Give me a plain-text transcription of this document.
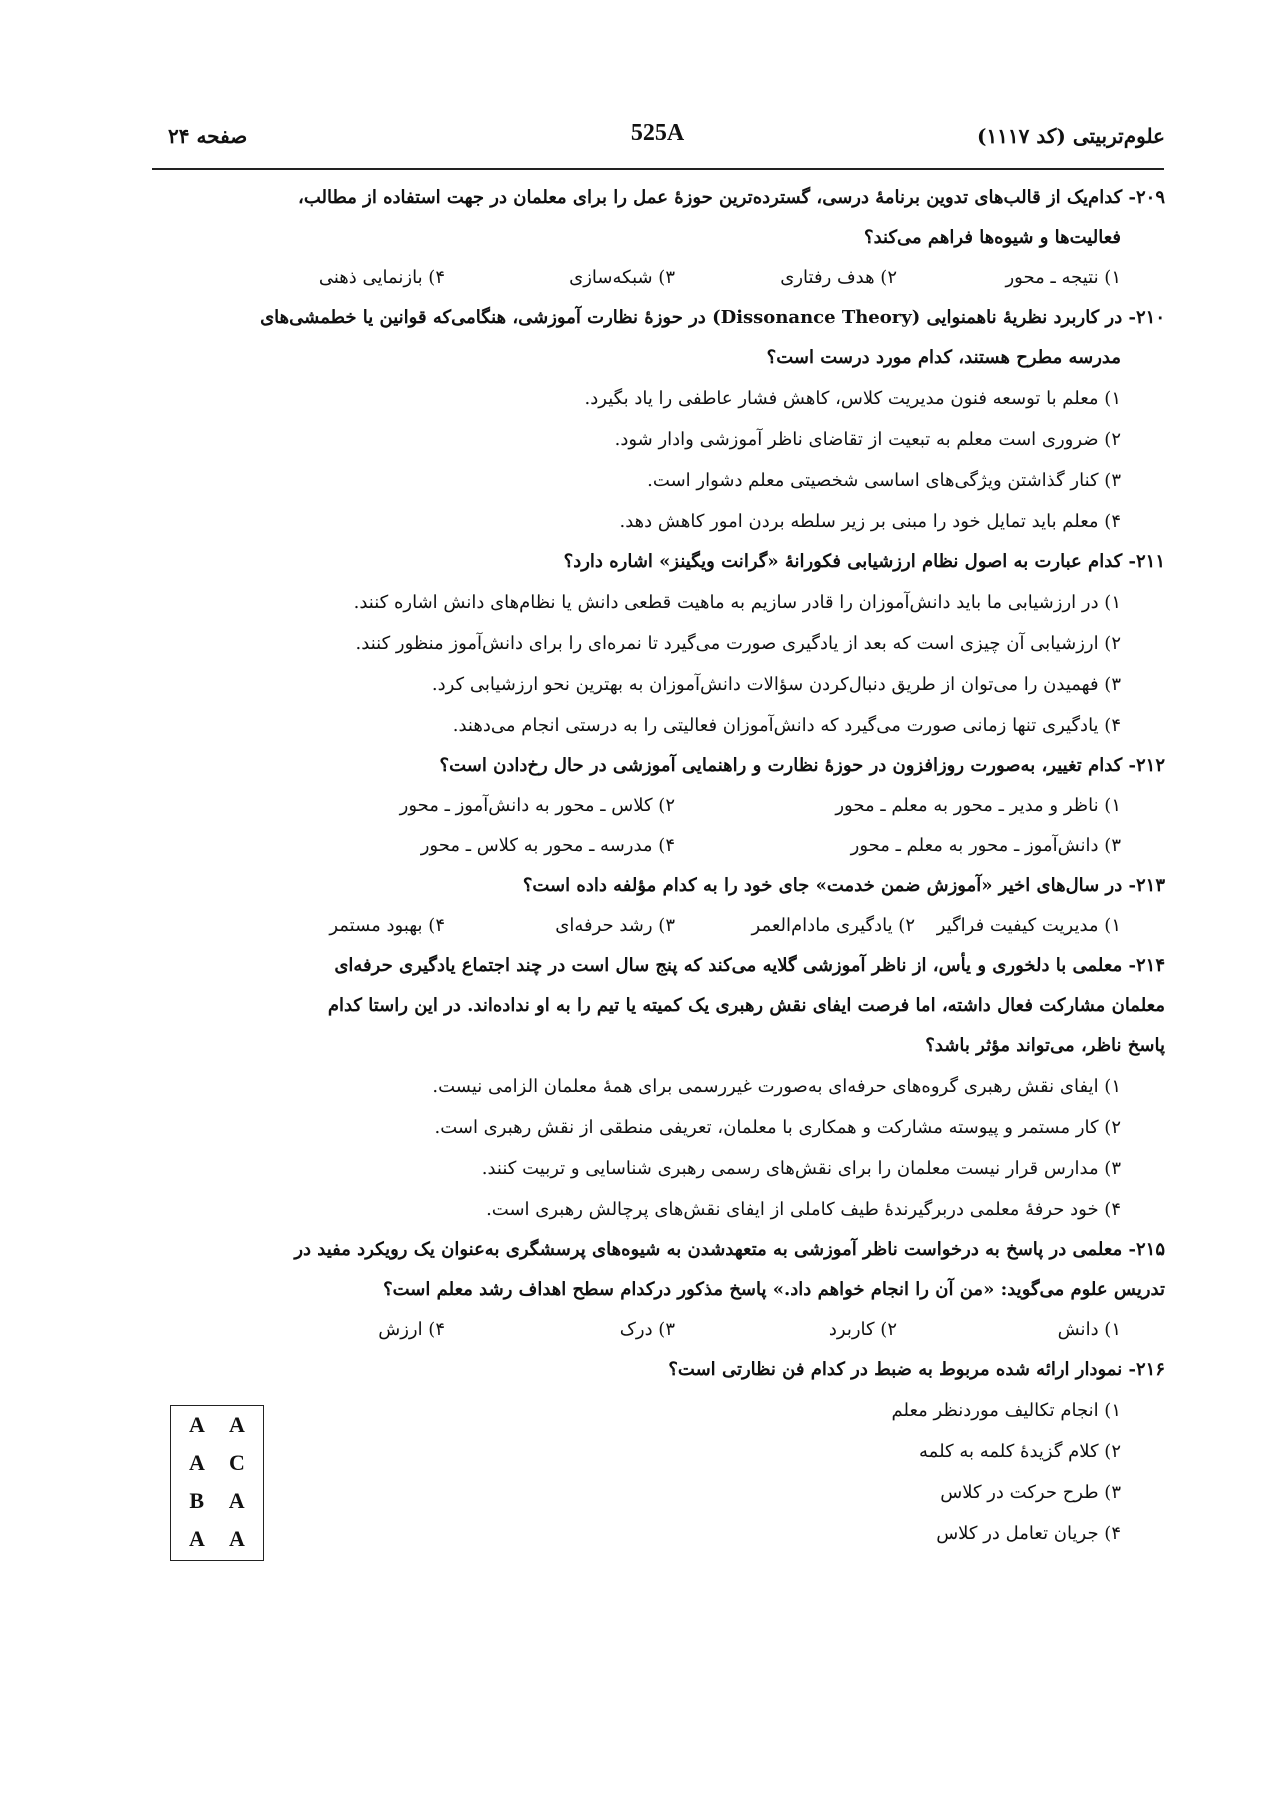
علوم‌تربیتی (کد ۱۱۱۷)
525A
صفحه ۲۴
۲۰۹- کدام‌یک از قالب‌های تدوین برنامهٔ درسی، گسترده‌ترین حوزهٔ عمل را برای معلمان در جهت استفاده از مطالب،
فعالیت‌ها و شیوه‌ها فراهم می‌کند؟
۱) نتیجه ـ محور
۲) هدف رفتاری
۳) شبکه‌سازی
۴) بازنمایی ذهنی
۲۱۰- در کاربرد نظریهٔ ناهمنوایی (Dissonance Theory) در حوزهٔ نظارت آموزشی، هنگامی‌که قوانین یا خطمشی‌های
مدرسه مطرح هستند، کدام مورد درست است؟
۱) معلم با توسعه فنون مدیریت کلاس، کاهش فشار عاطفی را یاد بگیرد.
۲) ضروری است معلم به تبعیت از تقاضای ناظر آموزشی وادار شود.
۳) کنار گذاشتن ویژگی‌های اساسی شخصیتی معلم دشوار است.
۴) معلم باید تمایل خود را مبنی بر زیر سلطه بردن امور کاهش دهد.
۲۱۱- کدام عبارت به اصول نظام ارزشیابی فکورانهٔ «گرانت ویگینز» اشاره دارد؟
۱) در ارزشیابی ما باید دانش‌آموزان را قادر سازیم به ماهیت قطعی دانش یا نظام‌های دانش اشاره کنند.
۲) ارزشیابی آن چیزی است که بعد از یادگیری صورت می‌گیرد تا نمره‌ای را برای دانش‌آموز منظور کنند.
۳) فهمیدن را می‌توان از طریق دنبال‌کردن سؤالات دانش‌آموزان به بهترین نحو ارزشیابی کرد.
۴) یادگیری تنها زمانی صورت می‌گیرد که دانش‌آموزان فعالیتی را به درستی انجام می‌دهند.
۲۱۲- کدام تغییر، به‌صورت روزافزون در حوزهٔ نظارت و راهنمایی آموزشی در حال رخ‌دادن است؟
۱) ناظر و مدیر ـ محور به معلم ـ محور
۲) کلاس ـ محور به دانش‌آموز ـ محور
۳) دانش‌آموز ـ محور به معلم ـ محور
۴) مدرسه ـ محور به کلاس ـ محور
۲۱۳- در سال‌های اخیر «آموزش ضمن خدمت» جای خود را به کدام مؤلفه داده است؟
۱) مدیریت کیفیت فراگیر
۲) یادگیری مادام‌العمر
۳) رشد حرفه‌ای
۴) بهبود مستمر
۲۱۴- معلمی با دلخوری و یأس، از ناظر آموزشی گلایه می‌کند که پنج سال است در چند اجتماع یادگیری حرفه‌ای
معلمان مشارکت فعال داشته، اما فرصت ایفای نقش رهبری یک کمیته یا تیم را به او نداده‌اند. در این راستا کدام
پاسخ ناظر، می‌تواند مؤثر باشد؟
۱) ایفای نقش رهبری گروه‌های حرفه‌ای به‌صورت غیررسمی برای همهٔ معلمان الزامی نیست.
۲) کار مستمر و پیوسته مشارکت و همکاری با معلمان، تعریفی منطقی از نقش رهبری است.
۳) مدارس قرار نیست معلمان را برای نقش‌های رسمی رهبری شناسایی و تربیت کنند.
۴) خود حرفهٔ معلمی دربرگیرندهٔ طیف کاملی از ایفای نقش‌های پرچالش رهبری است.
۲۱۵- معلمی در پاسخ به درخواست ناظر آموزشی به متعهدشدن به شیوه‌های پرسشگری به‌عنوان یک رویکرد مفید در
تدریس علوم می‌گوید: «من آن را انجام خواهم داد.» پاسخ مذکور درکدام سطح اهداف رشد معلم است؟
۱) دانش
۲) کاربرد
۳) درک
۴) ارزش
۲۱۶- نمودار ارائه شده مربوط به ضبط در کدام فن نظارتی است؟
۱) انجام تکالیف موردنظر معلم
۲) کلام گزیدهٔ کلمه به کلمه
۳) طرح حرکت در کلاس
۴) جریان تعامل در کلاس
A A
A C
B A
A A
